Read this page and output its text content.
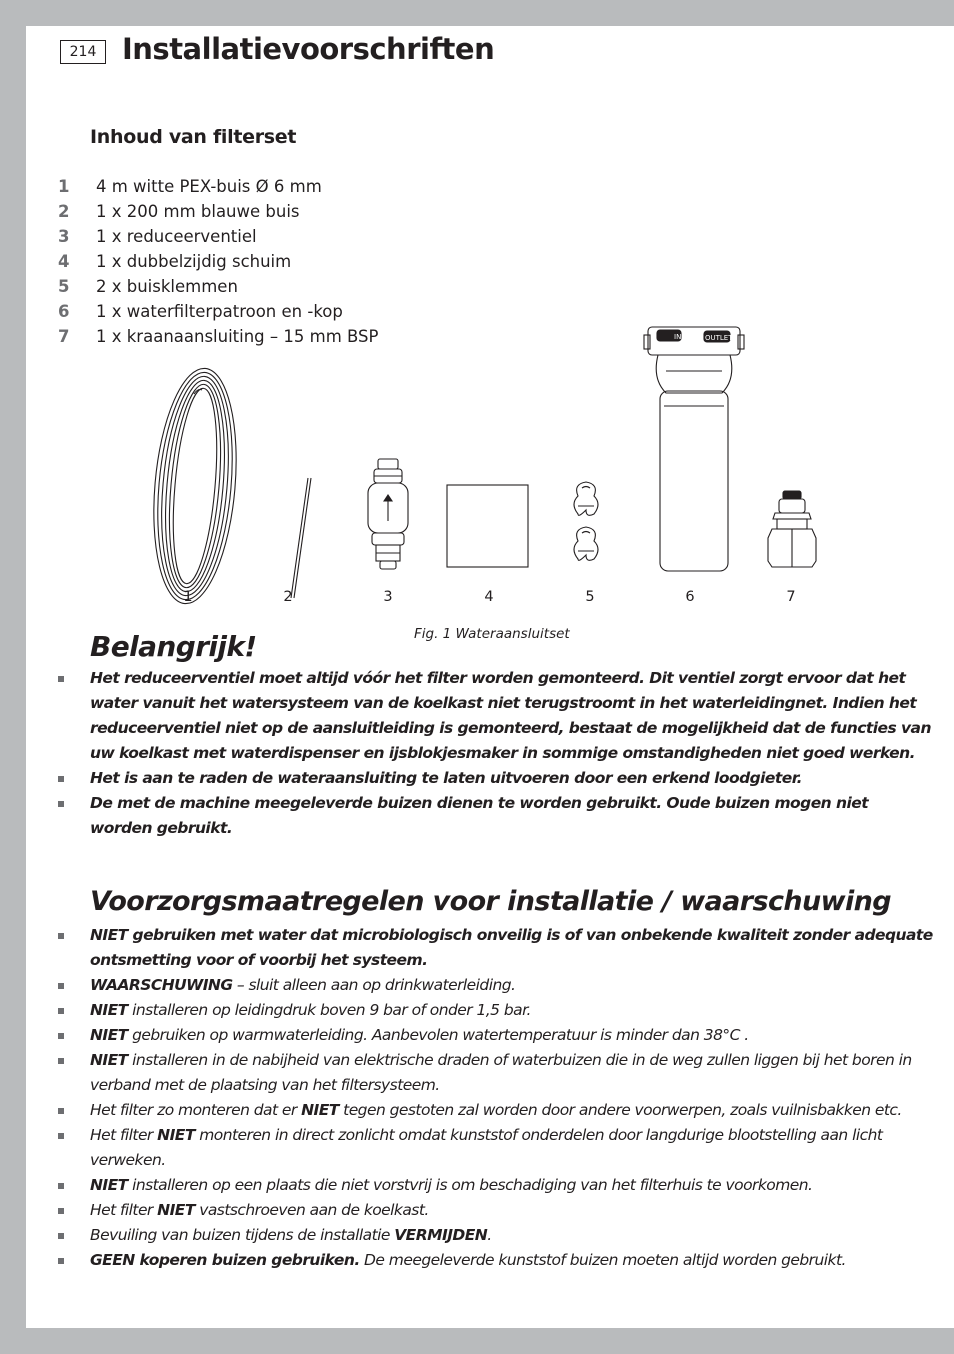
214 Installatievoorschriften
Inhoud van filterset
1 4 m witte PEX-buis Ø 6 mm
2 1 x 200 mm blauwe buis
3 1 x reduceerventiel
4 1 x dubbelzijdig schuim
5 2 x buisklemmen
6 1 x waterfilterpatroon en -kop
7 1 x kraanaansluiting – 15 mm BSP	INLET OUTLET
1	2	3	4	5	6	7
Fig. 1 Wateraansluitset
Belangrijk!
Het reduceerventiel moet altijd vóór het filter worden gemonteerd. Dit ventiel zorgt ervoor dat het water vanuit het watersysteem van de koelkast niet terugstroomt in het waterleidingnet. Indien het reduceerventiel niet op de aansluitleiding is gemonteerd, bestaat de mogelijkheid dat de functies van uw koelkast met waterdispenser en ijsblokjesmaker in sommige omstandigheden niet goed werken.
Het is aan te raden de wateraansluiting te laten uitvoeren door een erkend loodgieter.
De met de machine meegeleverde buizen dienen te worden gebruikt. Oude buizen mogen niet worden gebruikt.
Voorzorgsmaatregelen voor installatie / waarschuwing
NIET gebruiken met water dat microbiologisch onveilig is of van onbekende kwaliteit zonder adequate ontsmetting voor of voorbij het systeem.
WAARSCHUWING – sluit alleen aan op drinkwaterleiding.
NIET installeren op leidingdruk boven 9 bar of onder 1,5 bar.
NIET gebruiken op warmwaterleiding. Aanbevolen watertemperatuur is minder dan 38°C .
NIET installeren in de nabijheid van elektrische draden of waterbuizen die in de weg zullen liggen bij het boren in verband met de plaatsing van het filtersysteem.
Het filter zo monteren dat er NIET tegen gestoten zal worden door andere voorwerpen, zoals vuilnisbakken etc.
Het filter NIET monteren in direct zonlicht omdat kunststof onderdelen door langdurige blootstelling aan licht verweken.
NIET installeren op een plaats die niet vorstvrij is om beschadiging van het filterhuis te voorkomen.
Het filter NIET vastschroeven aan de koelkast.
Bevuiling van buizen tijdens de installatie VERMIJDEN.
GEEN koperen buizen gebruiken. De meegeleverde kunststof buizen moeten altijd worden gebruikt.
